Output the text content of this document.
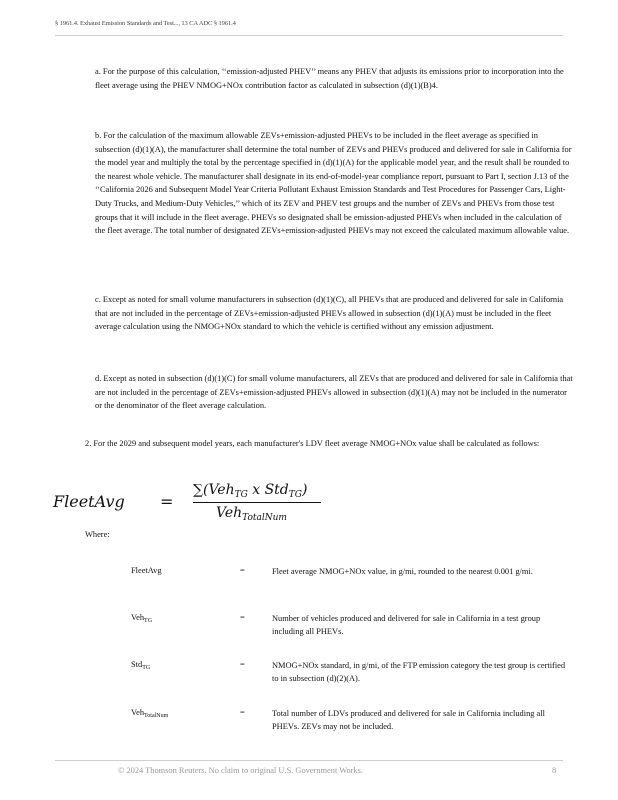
§ 1961.4. Exhaust Emission Standards and Test..., 13 CA ADC § 1961.4
a. For the purpose of this calculation, ‘‘emission-adjusted PHEV’’ means any PHEV that adjusts its emissions prior to incorporation into the fleet average using the PHEV NMOG+NOx contribution factor as calculated in subsection (d)(1)(B)4.
b. For the calculation of the maximum allowable ZEVs+emission-adjusted PHEVs to be included in the fleet average as specified in subsection (d)(1)(A), the manufacturer shall determine the total number of ZEVs and PHEVs produced and delivered for sale in California for the model year and multiply the total by the percentage specified in (d)(1)(A) for the applicable model year, and the result shall be rounded to the nearest whole vehicle. The manufacturer shall designate in its end-of-model-year compliance report, pursuant to Part I, section J.13 of the ‘‘California 2026 and Subsequent Model Year Criteria Pollutant Exhaust Emission Standards and Test Procedures for Passenger Cars, Light-Duty Trucks, and Medium-Duty Vehicles,’’ which of its ZEV and PHEV test groups and the number of ZEVs and PHEVs from those test groups that it will include in the fleet average. PHEVs so designated shall be emission-adjusted PHEVs when included in the calculation of the fleet average. The total number of designated ZEVs+emission-adjusted PHEVs may not exceed the calculated maximum allowable value.
c. Except as noted for small volume manufacturers in subsection (d)(1)(C), all PHEVs that are produced and delivered for sale in California that are not included in the percentage of ZEVs+emission-adjusted PHEVs allowed in subsection (d)(1)(A) must be included in the fleet average calculation using the NMOG+NOx standard to which the vehicle is certified without any emission adjustment.
d. Except as noted in subsection (d)(1)(C) for small volume manufacturers, all ZEVs that are produced and delivered for sale in California that are not included in the percentage of ZEVs+emission-adjusted PHEVs allowed in subsection (d)(1)(A) may not be included in the numerator or the denominator of the fleet average calculation.
2. For the 2029 and subsequent model years, each manufacturer's LDV fleet average NMOG+NOx value shall be calculated as follows:
FleetAvg =
∑(Veh$_{TG}$ x Std$_{TG}$)
Veh$_{TotalNum}$
Where:
FleetAvg	=	Fleet average NMOG+NOx value, in g/mi, rounded to the nearest 0.001 g/mi.
Veh$_{TG}$	=	Number of vehicles produced and delivered for sale in California in a test group including all PHEVs.
Std$_{TG}$	=	NMOG+NOx standard, in g/mi, of the FTP emission category the test group is certified to in subsection (d)(2)(A).
Veh$_{TotalNum}$	=	Total number of LDVs produced and delivered for sale in California including all PHEVs. ZEVs may not be included.
© 2024 Thomson Reuters. No claim to original U.S. Government Works.	8
